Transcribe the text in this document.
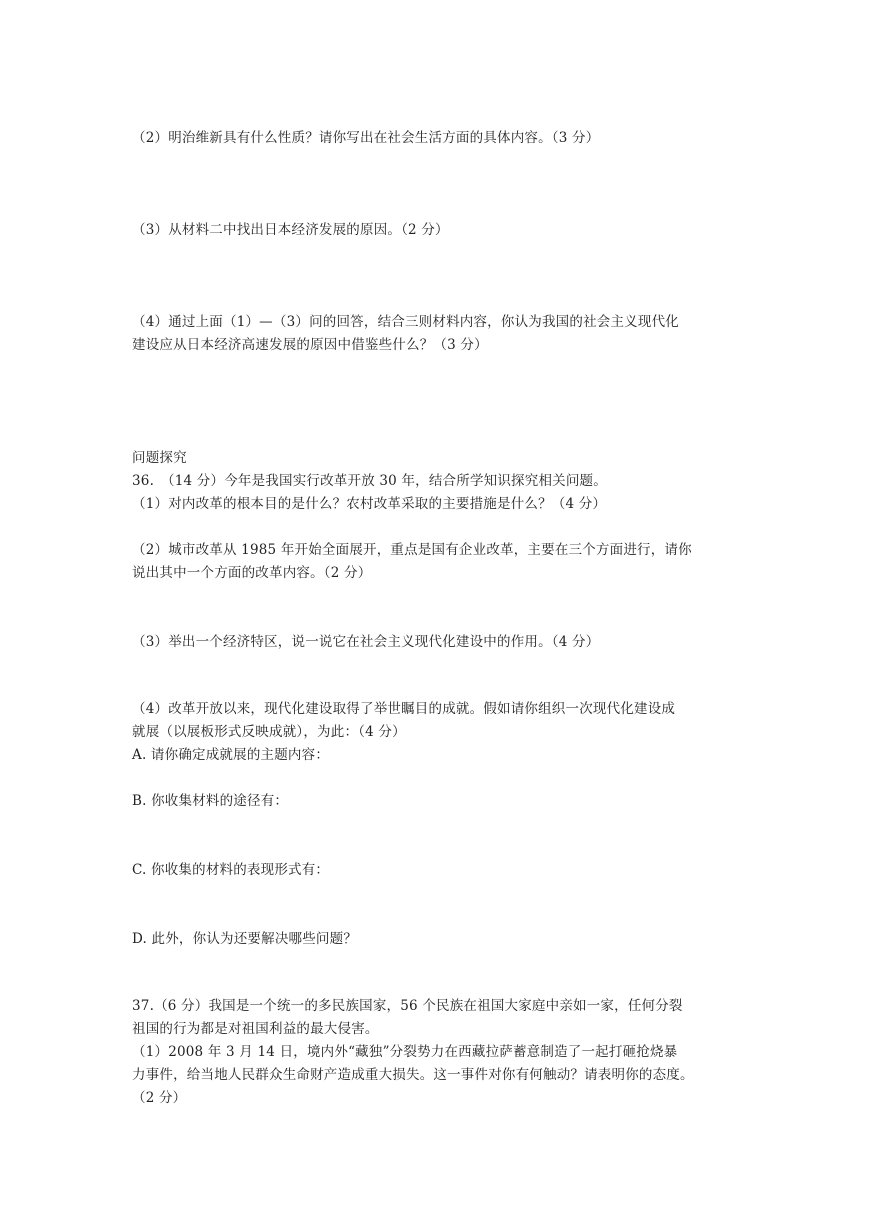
（2）明治维新具有什么性质？请你写出在社会生活方面的具体内容。（3 分）

（3）从材料二中找出日本经济发展的原因。（2 分）

（4）通过上面（1）—（3）问的回答，结合三则材料内容，你认为我国的社会主义现代化

建设应从日本经济高速发展的原因中借鉴些什么？（3 分）

问题探究

36.　（14 分）今年是我国实行改革开放 30 年，结合所学知识探究相关问题。

（1）对内改革的根本目的是什么？农村改革采取的主要措施是什么？（4 分）

（2）城市改革从 1985 年开始全面展开，重点是国有企业改革，主要在三个方面进行，请你

说出其中一个方面的改革内容。（2 分）

（3）举出一个经济特区，说一说它在社会主义现代化建设中的作用。（4 分）

（4）改革开放以来，现代化建设取得了举世瞩目的成就。假如请你组织一次现代化建设成

就展（以展板形式反映成就），为此：（4 分）

A. 请你确定成就展的主题内容：

B. 你收集材料的途径有：

C. 你收集的材料的表现形式有：

D. 此外，你认为还要解决哪些问题？

37.（6 分）我国是一个统一的多民族国家，56 个民族在祖国大家庭中亲如一家，任何分裂

祖国的行为都是对祖国利益的最大侵害。

（1）2008 年 3 月 14 日，境内外“藏独”分裂势力在西藏拉萨蓄意制造了一起打砸抢烧暴

力事件，给当地人民群众生命财产造成重大损失。这一事件对你有何触动？请表明你的态度。

（2 分）
